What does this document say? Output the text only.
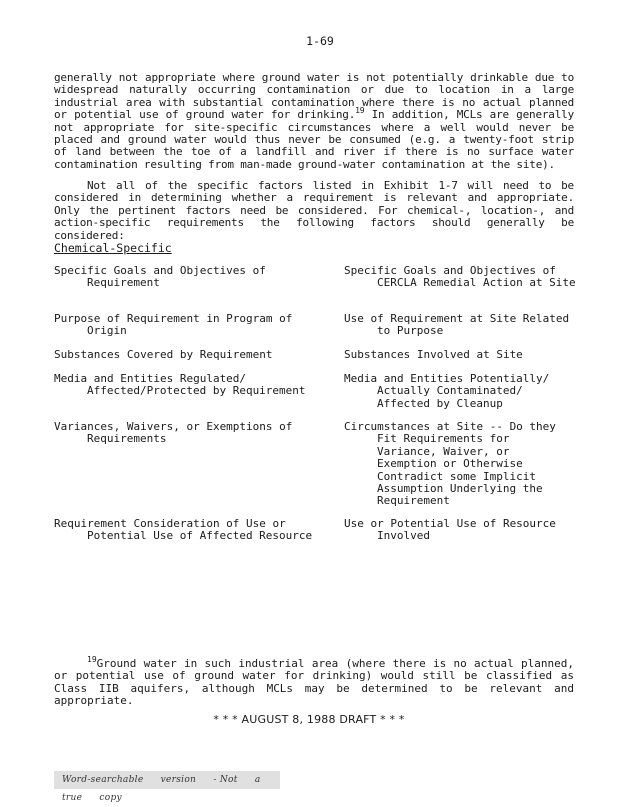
1-69
generally not appropriate where ground water is not potentially drinkable due to widespread naturally occurring contamination or due to location in a large industrial area with substantial contamination where there is no actual planned or potential use of ground water for drinking.$^{19}$ In addition, MCLs are generally not appropriate for site-specific circumstances where a well would never be placed and ground water would thus never be consumed (e.g. a twenty-foot strip of land between the toe of a landfill and river if there is no surface water contamination resulting from man-made ground-water contamination at the site).
Not all of the specific factors listed in Exhibit 1-7 will need to be considered in determining whether a requirement is relevant and appropriate. Only the pertinent factors need be considered. For chemical-, location-, and action-specific requirements the following factors should generally be considered:
Chemical-Specific
Specific Goals and Objectives of Requirement
Specific Goals and Objectives of CERCLA Remedial Action at Site
Purpose of Requirement in Program of Origin
Use of Requirement at Site Related to Purpose
Substances Covered by Requirement	Substances Involved at Site
Media and Entities Regulated/ Affected/Protected by Requirement
Media and Entities Potentially/ Actually Contaminated/ Affected by Cleanup
Variances, Waivers, or Exemptions of Requirements
Circumstances at Site -- Do they Fit Requirements for Variance, Waiver, or Exemption or Otherwise Contradict some Implicit Assumption Underlying the Requirement
Requirement Consideration of Use or Potential Use of Affected Resource
Use or Potential Use of Resource Involved
$^{19}$Ground water in such industrial area (where there is no actual planned, or potential use of ground water for drinking) would still be classified as Class IIB aquifers, although MCLs may be determined to be relevant and appropriate.
* * * AUGUST 8, 1988 DRAFT * * *
Word-searchable version - Not a true copy
